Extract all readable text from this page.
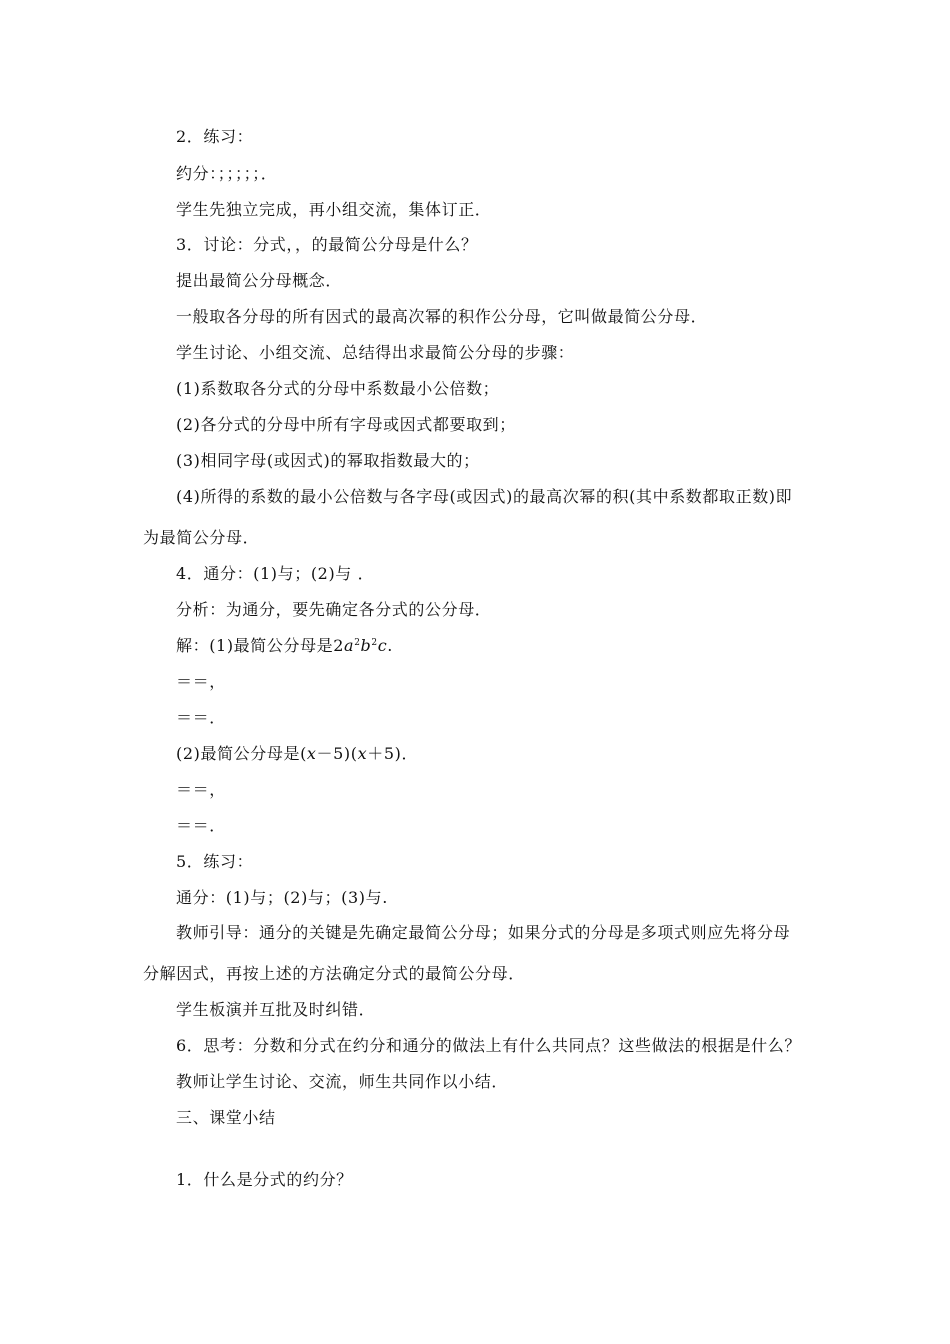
2．练习：
约分：；；；；；．
学生先独立完成，再小组交流，集体订正．
3．讨论：分式，，的最简公分母是什么？
提出最简公分母概念．
一般取各分母的所有因式的最高次幂的积作公分母，它叫做最简公分母．
学生讨论、小组交流、总结得出求最简公分母的步骤：
(1)系数取各分式的分母中系数最小公倍数；
(2)各分式的分母中所有字母或因式都要取到；
(3)相同字母(或因式)的幂取指数最大的；
(4)所得的系数的最小公倍数与各字母(或因式)的最高次幂的积(其中系数都取正数)即
为最简公分母．
4．通分：(1)与；(2)与 ．
分析：为通分，要先确定各分式的公分母．
解：(1)最简公分母是$2a^2b^2c$.
＝＝，
＝＝．
(2)最简公分母是(x－5)(x＋5)．
＝＝，
＝＝．
5．练习：
通分：(1)与；(2)与；(3)与.
教师引导：通分的关键是先确定最简公分母；如果分式的分母是多项式则应先将分母
分解因式，再按上述的方法确定分式的最简公分母．
学生板演并互批及时纠错．
6．思考：分数和分式在约分和通分的做法上有什么共同点？这些做法的根据是什么？
教师让学生讨论、交流，师生共同作以小结．
三、课堂小结
1．什么是分式的约分？
